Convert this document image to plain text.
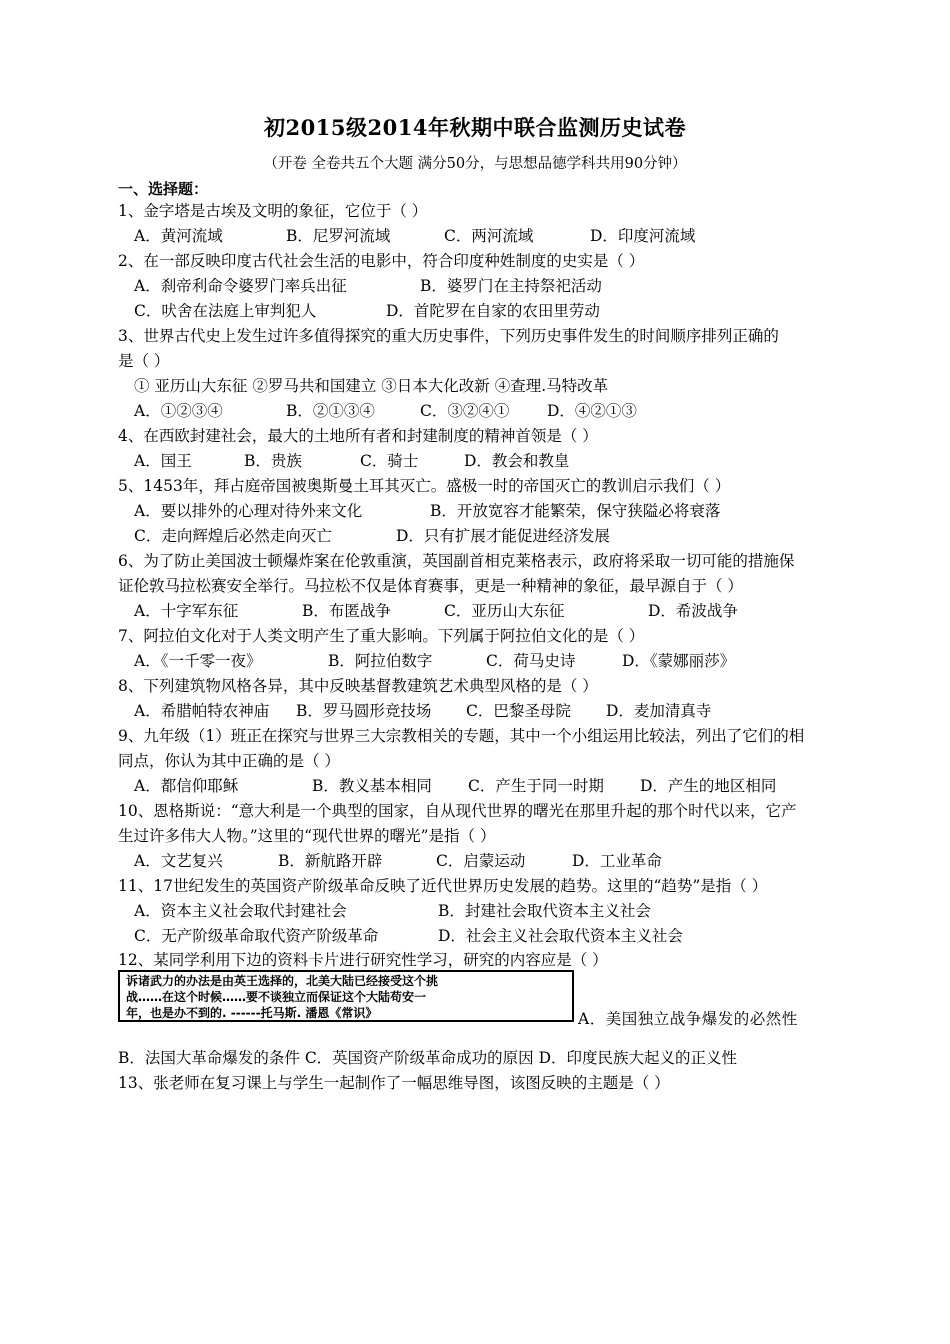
初2015级2014年秋期中联合监测历史试卷
（开卷 全卷共五个大题 满分50分，与思想品德学科共用90分钟）
一、选择题：
1、金字塔是古埃及文明的象征，它位于（ ）
A．黄河流域	B．尼罗河流域	C．两河流域	D．印度河流域
2、在一部反映印度古代社会生活的电影中，符合印度种姓制度的史实是（ ）
A．刹帝利命令婆罗门率兵出征	B．婆罗门在主持祭祀活动
C．吠舍在法庭上审判犯人	D．首陀罗在自家的农田里劳动
3、世界古代史上发生过许多值得探究的重大历史事件，下列历史事件发生的时间顺序排列正确的
是（ ）
① 亚历山大东征 ②罗马共和国建立 ③日本大化改新 ④查理.马特改革
A．①②③④	B．②①③④	C．③②④① D．④②①③
4、在西欧封建社会，最大的土地所有者和封建制度的精神首领是（ ）
A．国王	B．贵族	C．骑士	D．教会和教皇
5、1453年，拜占庭帝国被奥斯曼土耳其灭亡。盛极一时的帝国灭亡的教训启示我们（ ）
A．要以排外的心理对待外来文化	B．开放宽容才能繁荣，保守狭隘必将衰落
C．走向辉煌后必然走向灭亡	D．只有扩展才能促进经济发展
6、为了防止美国波士顿爆炸案在伦敦重演，英国副首相克莱格表示，政府将采取一切可能的措施保
证伦敦马拉松赛安全举行。马拉松不仅是体育赛事，更是一种精神的象征，最早源自于（ ）
A．十字军东征	B．布匿战争	C．亚历山大东征	D．希波战争
7、阿拉伯文化对于人类文明产生了重大影响。下列属于阿拉伯文化的是（ ）
A．《一千零一夜》	B．阿拉伯数字	C．荷马史诗	D．《蒙娜丽莎》
8、下列建筑物风格各异，其中反映基督教建筑艺术典型风格的是（ ）
A．希腊帕特农神庙 B．罗马圆形竞技场 C．巴黎圣母院 D．麦加清真寺
9、九年级（1）班正在探究与世界三大宗教相关的专题，其中一个小组运用比较法，列出了它们的相
同点，你认为其中正确的是（ ）
A．都信仰耶稣	B．教义基本相同 C．产生于同一时期 D．产生的地区相同
10、恩格斯说：“意大利是一个典型的国家，自从现代世界的曙光在那里升起的那个时代以来，它产
生过许多伟大人物。”这里的“现代世界的曙光”是指（ ）
A．文艺复兴	B．新航路开辟	C．启蒙运动	D．工业革命
11、17世纪发生的英国资产阶级革命反映了近代世界历史发展的趋势。这里的“趋势”是指（ ）
A．资本主义社会取代封建社会	B．封建社会取代资本主义社会
C．无产阶级革命取代资产阶级革命	D．社会主义社会取代资本主义社会
12、某同学利用下边的资料卡片进行研究性学习，研究的内容应是（ ）
诉诸武力的办法是由英王选择的，北美大陆已经接受这个挑
战……在这个时候……要不谈独立而保证这个大陆苟安一
年，也是办不到的. ------托马斯. 潘恩《常识》	A．美国独立战争爆发的必然性
B．法国大革命爆发的条件 C．英国资产阶级革命成功的原因 D．印度民族大起义的正义性
13、张老师在复习课上与学生一起制作了一幅思维导图，该图反映的主题是（ ）
